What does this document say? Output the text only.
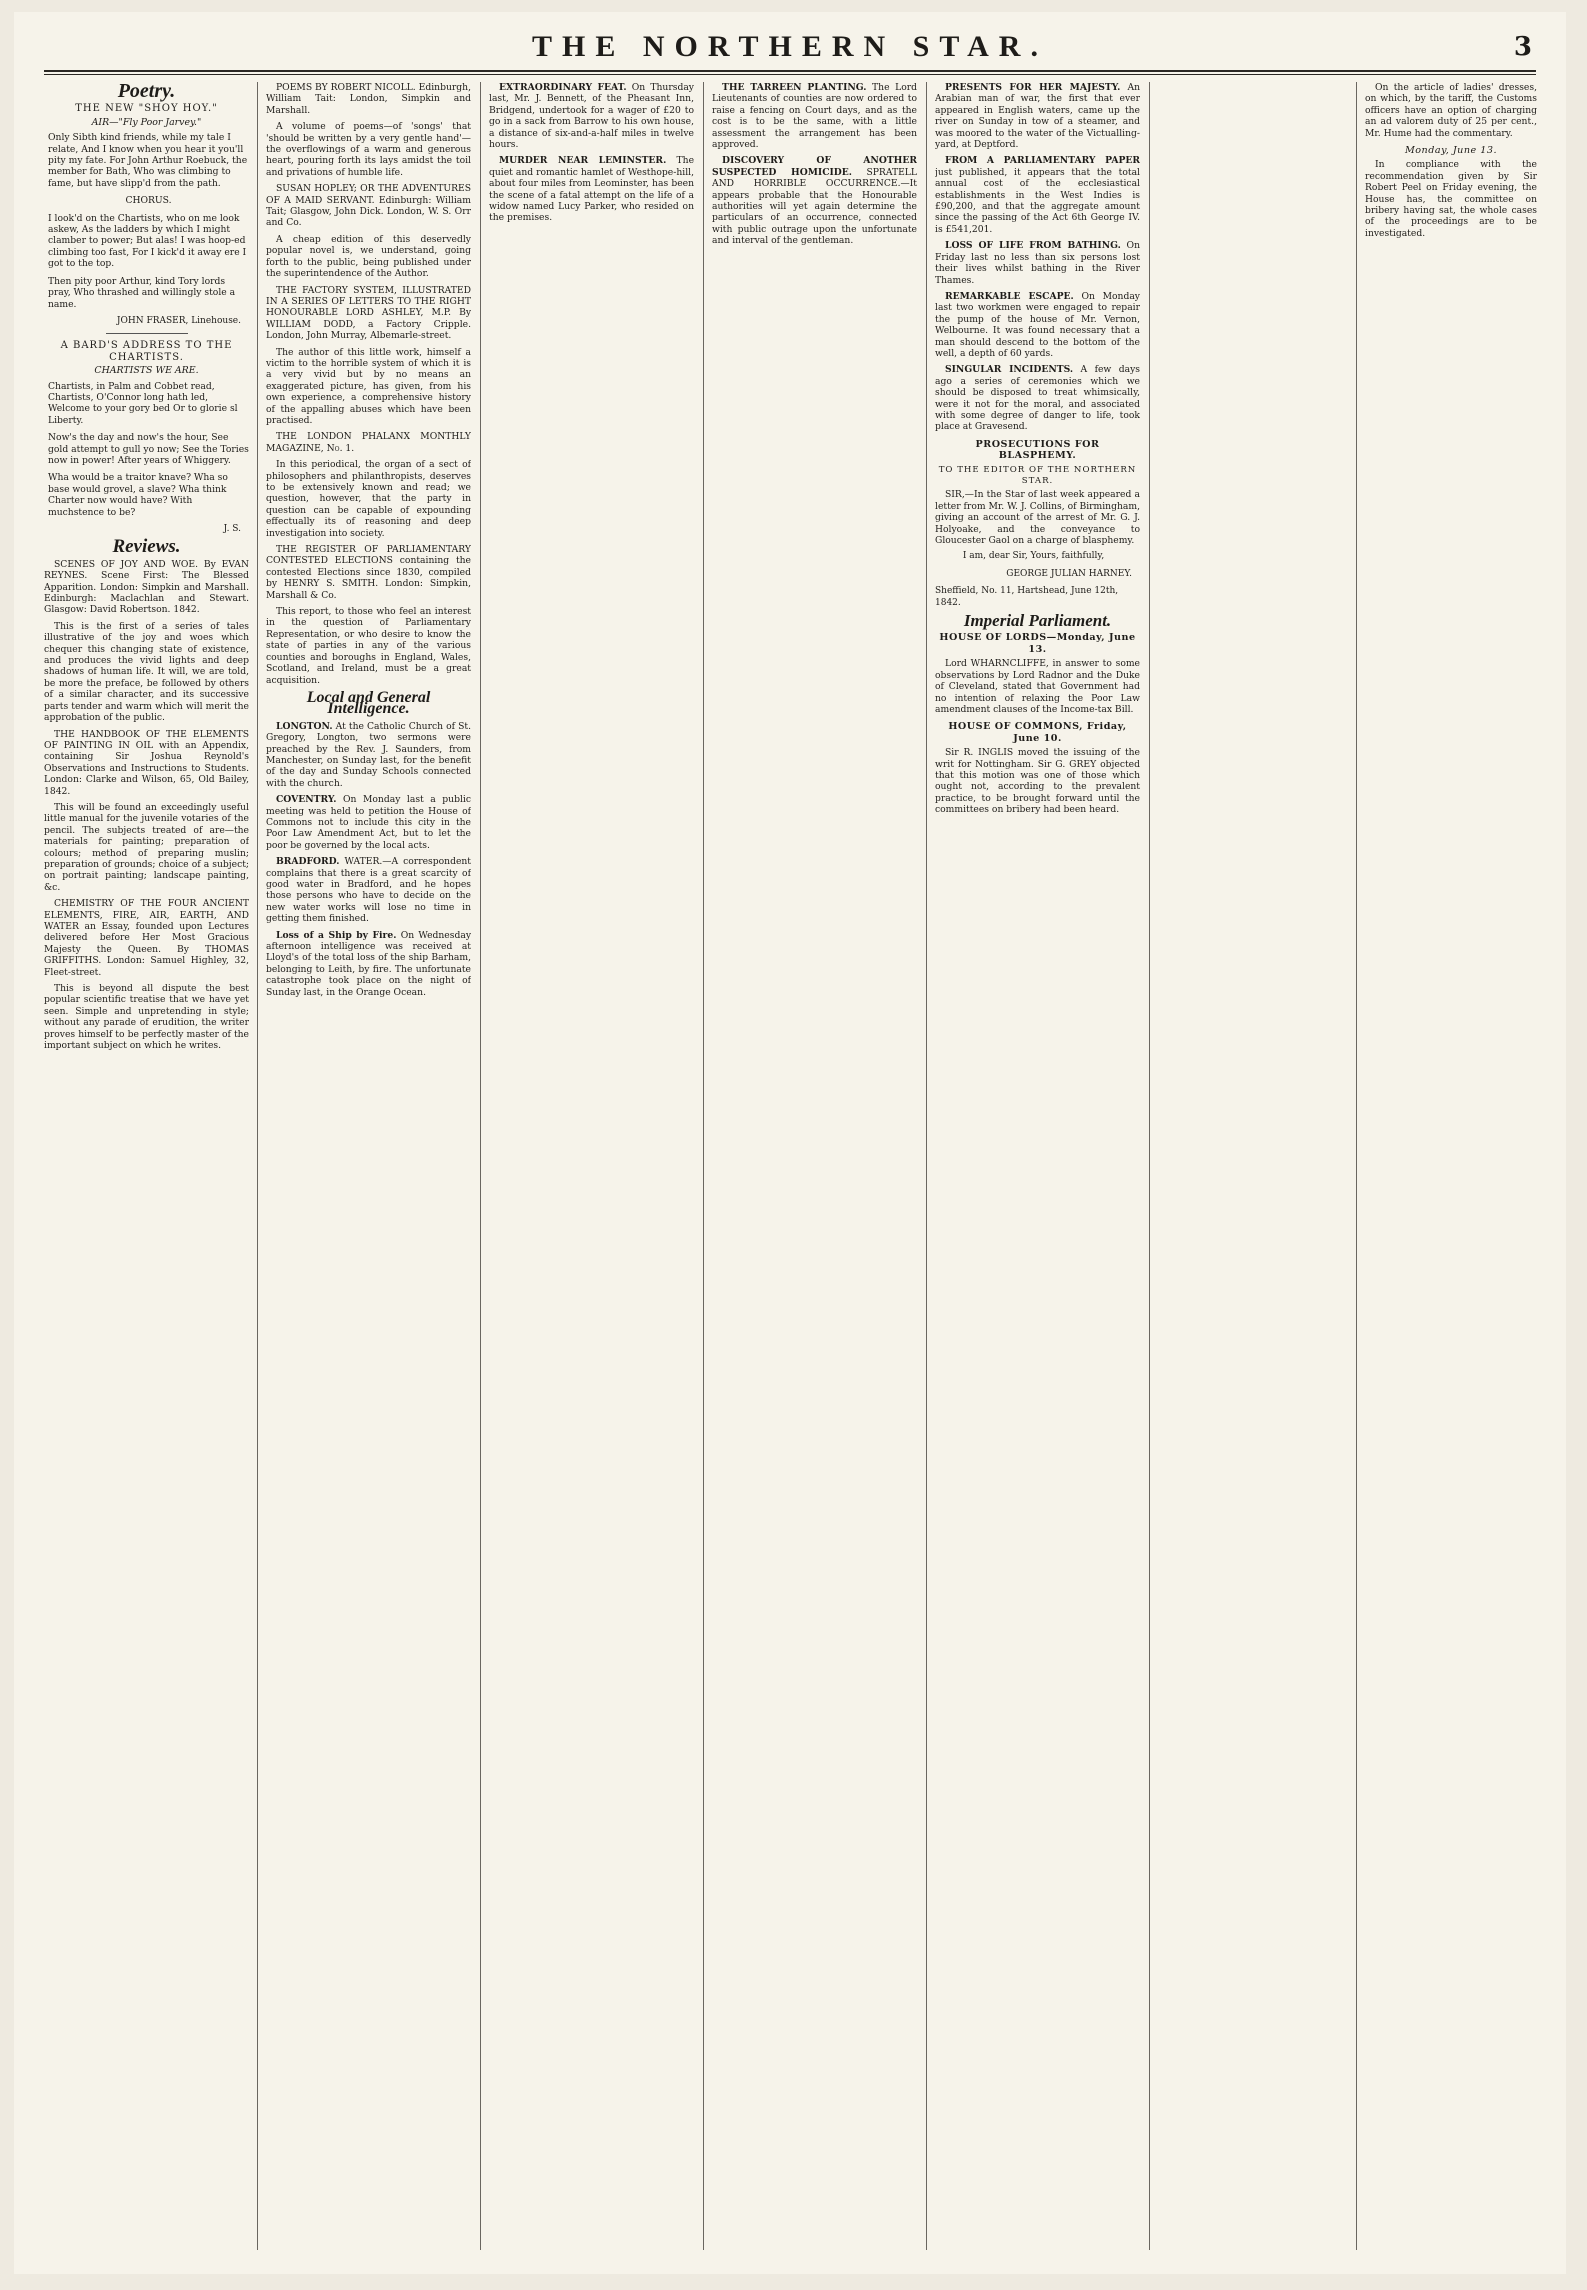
THE NORTHERN STAR.	3
Poetry.
THE NEW "SHOY HOY."
AIR—"Fly Poor Jarvey."

Only Sibth kind friends, while my tale I relate, And I know when you hear it you'll pity my fate. For John Arthur Roebuck, the member for Bath, Who was climbing to fame, but have slipp'd from the path.

CHORUS.

I look'd on the Chartists, who on me look askew, As the ladders by which I might clamber to power; But alas! I was hoop-ed climbing too fast, For I kick'd it away ere I got to the top.

Then pity poor Arthur, kind Tory lords pray, Who thrashed and willingly stole a name.

JOHN FRASER, Linehouse.
A BARD'S ADDRESS TO THE CHARTISTS.
CHARTISTS WE ARE.

Chartists, in Palm and Cobbet read, Chartists, O'Connor long hath led, Welcome to your gory bed Or to glorie sl Liberty.

Now's the day and now's the hour, See gold attempt to gull yo now; See the Tories now in power! After years of Whiggery.

Wha would be a traitor knave? Wha so base would grovel, a slave? Wha think Charter now would have? With muchstence to be?

J. S.
Reviews.

SCENES OF JOY AND WOE. By EVAN REYNES. Scene First: The Blessed Apparition. London: Simpkin and Marshall. Edinburgh: Maclachlan and Stewart. Glasgow: David Robertson. 1842.

This is the first of a series of tales illustrative of the joy and woes which chequer this changing state of existence, and produces the vivid lights and deep shadows of human life. It will, we are told, be more the preface, be followed by others of a similar character, and its successive parts tender and warm which will merit the approbation of the public.

THE HANDBOOK OF THE ELEMENTS OF PAINTING IN OIL with an Appendix, containing Sir Joshua Reynold's Observations and Instructions to Students. London: Clarke and Wilson, 65, Old Bailey, 1842.

This will be found an exceedingly useful little manual for the juvenile votaries of the pencil. The subjects treated of are—the materials for painting; preparation of colours; method of preparing muslin; preparation of grounds; choice of a subject; on portrait painting; landscape painting, &c.

CHEMISTRY OF THE FOUR ANCIENT ELEMENTS, FIRE, AIR, EARTH, AND WATER an Essay, founded upon Lectures delivered before Her Most Gracious Majesty the Queen. By THOMAS GRIFFITHS. London: Samuel Highley, 32, Fleet-street.

This is beyond all dispute the best popular scientific treatise that we have yet seen. Simple and unpretending in style; without any parade of erudition, the writer proves himself to be perfectly master of the important subject on which he writes.

POEMS BY ROBERT NICOLL. Edinburgh, William Tait: London, Simpkin and Marshall.

A volume of poems—of 'songs' that 'should be written by a very gentle hand'—the overflowings of a warm and generous heart, pouring forth its lays amidst the toil and privations of humble life.

SUSAN HOPLEY; OR THE ADVENTURES OF A MAID SERVANT. Edinburgh: William Tait; Glasgow, John Dick. London, W. S. Orr and Co.

A cheap edition of this deservedly popular novel is, we understand, going forth to the public, being published under the superintendence of the Author.

THE FACTORY SYSTEM, ILLUSTRATED IN A SERIES OF LETTERS TO THE RIGHT HONOURABLE LORD ASHLEY, M.P. By WILLIAM DODD, a Factory Cripple. London, John Murray, Albemarle-street.

The author of this little work, himself a victim to the horrible system of which it is a very vivid but by no means an exaggerated picture, has given, from his own experience, a comprehensive history of the appalling abuses which have been practised.

THE LONDON PHALANX MONTHLY MAGAZINE, No. 1.

In this periodical, the organ of a sect of philosophers and philanthropists, deserves to be extensively known and read; we question, however, that the party in question can be capable of expounding effectually its of reasoning and deep investigation into society.

THE REGISTER OF PARLIAMENTARY CONTESTED ELECTIONS containing the contested Elections since 1830, compiled by HENRY S. SMITH. London: Simpkin, Marshall & Co.

This report, to those who feel an interest in the question of Parliamentary Representation, or who desire to know the state of parties in any of the various counties and boroughs in England, Wales, Scotland, and Ireland, must be a great acquisition.

Local and General Intelligence.

LONGTON. At the Catholic Church of St. Gregory, Longton, two sermons were preached by the Rev. J. Saunders, from Manchester, on Sunday last, for the benefit of the day and Sunday Schools connected with the church.

COVENTRY. On Monday last a public meeting was held to petition the House of Commons not to include this city in the Poor Law Amendment Act, but to let the poor be governed by the local acts.

BRADFORD. WATER.—A correspondent complains that there is a great scarcity of good water in Bradford, and he hopes those persons who have to decide on the new water works will lose no time in getting them finished.

Loss of a Ship by Fire. On Wednesday afternoon intelligence was received at Lloyd's of the total loss of the ship Barham, belonging to Leith, by fire. The unfortunate catastrophe took place on the night of Sunday last, in the Orange Ocean.

EXTRAORDINARY FEAT. On Thursday last, Mr. J. Bennett, of the Pheasant Inn, Bridgend, undertook for a wager of £20 to go in a sack from Barrow to his own house, a distance of six-and-a-half miles in twelve hours.

MURDER NEAR LEMINSTER. The quiet and romantic hamlet of Westhope-hill, about four miles from Leominster, has been the scene of a fatal attempt on the life of a widow named Lucy Parker, who resided on the premises.

THE TARREEN PLANTING. The Lord Lieutenants of counties are now ordered to raise a fencing on Court days, and as the cost is to be the same, with a little assessment the arrangement has been approved.

DISCOVERY OF ANOTHER SUSPECTED HOMICIDE. SPRATELL AND HORRIBLE OCCURRENCE.—It appears probable that the Honourable authorities will yet again determine the particulars of an occurrence, connected with public outrage upon the unfortunate and interval of the gentleman.

PRESENTS FOR HER MAJESTY. An Arabian man of war, the first that ever appeared in English waters, came up the river on Sunday in tow of a steamer, and was moored to the water of the Victualling-yard, at Deptford.

FROM A PARLIAMENTARY PAPER just published, it appears that the total annual cost of the ecclesiastical establishments in the West Indies is £90,200, and that the aggregate amount since the passing of the Act 6th George IV. is £541,201.

LOSS OF LIFE FROM BATHING. On Friday last no less than six persons lost their lives whilst bathing in the River Thames.

REMARKABLE ESCAPE. On Monday last two workmen were engaged to repair the pump of the house of Mr. Vernon, Welbourne. It was found necessary that a man should descend to the bottom of the well, a depth of 60 yards.

SINGULAR INCIDENTS. A few days ago a series of ceremonies which we should be disposed to treat whimsically, were it not for the moral, and associated with some degree of danger to life, took place at Gravesend.

PROSECUTIONS FOR BLASPHEMY.
TO THE EDITOR OF THE NORTHERN STAR.

SIR,—In the Star of last week appeared a letter from Mr. W. J. Collins, of Birmingham, giving an account of the arrest of Mr. G. J. Holyoake, and the conveyance to Gloucester Gaol on a charge of blasphemy.

I am, dear Sir, Yours, faithfully,
GEORGE JULIAN HARNEY.
Sheffield, No. 11, Hartshead, June 12th, 1842.
Imperial Parliament.
HOUSE OF LORDS—Monday, June 13.

Lord WHARNCLIFFE, in answer to some observations by Lord Radnor and the Duke of Cleveland, stated that Government had no intention of relaxing the Poor Law amendment clauses of the Income-tax Bill.

HOUSE OF COMMONS, Friday, June 10.

Sir R. INGLIS moved the issuing of the writ for Nottingham. Sir G. GREY objected that this motion was one of those which ought not, according to the prevalent practice, to be brought forward until the committees on bribery had been heard.

On the article of ladies' dresses, on which, by the tariff, the Customs officers have an option of charging an ad valorem duty of 25 per cent., Mr. Hume had the commentary.

Monday, June 13.

In compliance with the recommendation given by Sir Robert Peel on Friday evening, the House has, the committee on bribery having sat, the whole cases of the proceedings are to be investigated.
